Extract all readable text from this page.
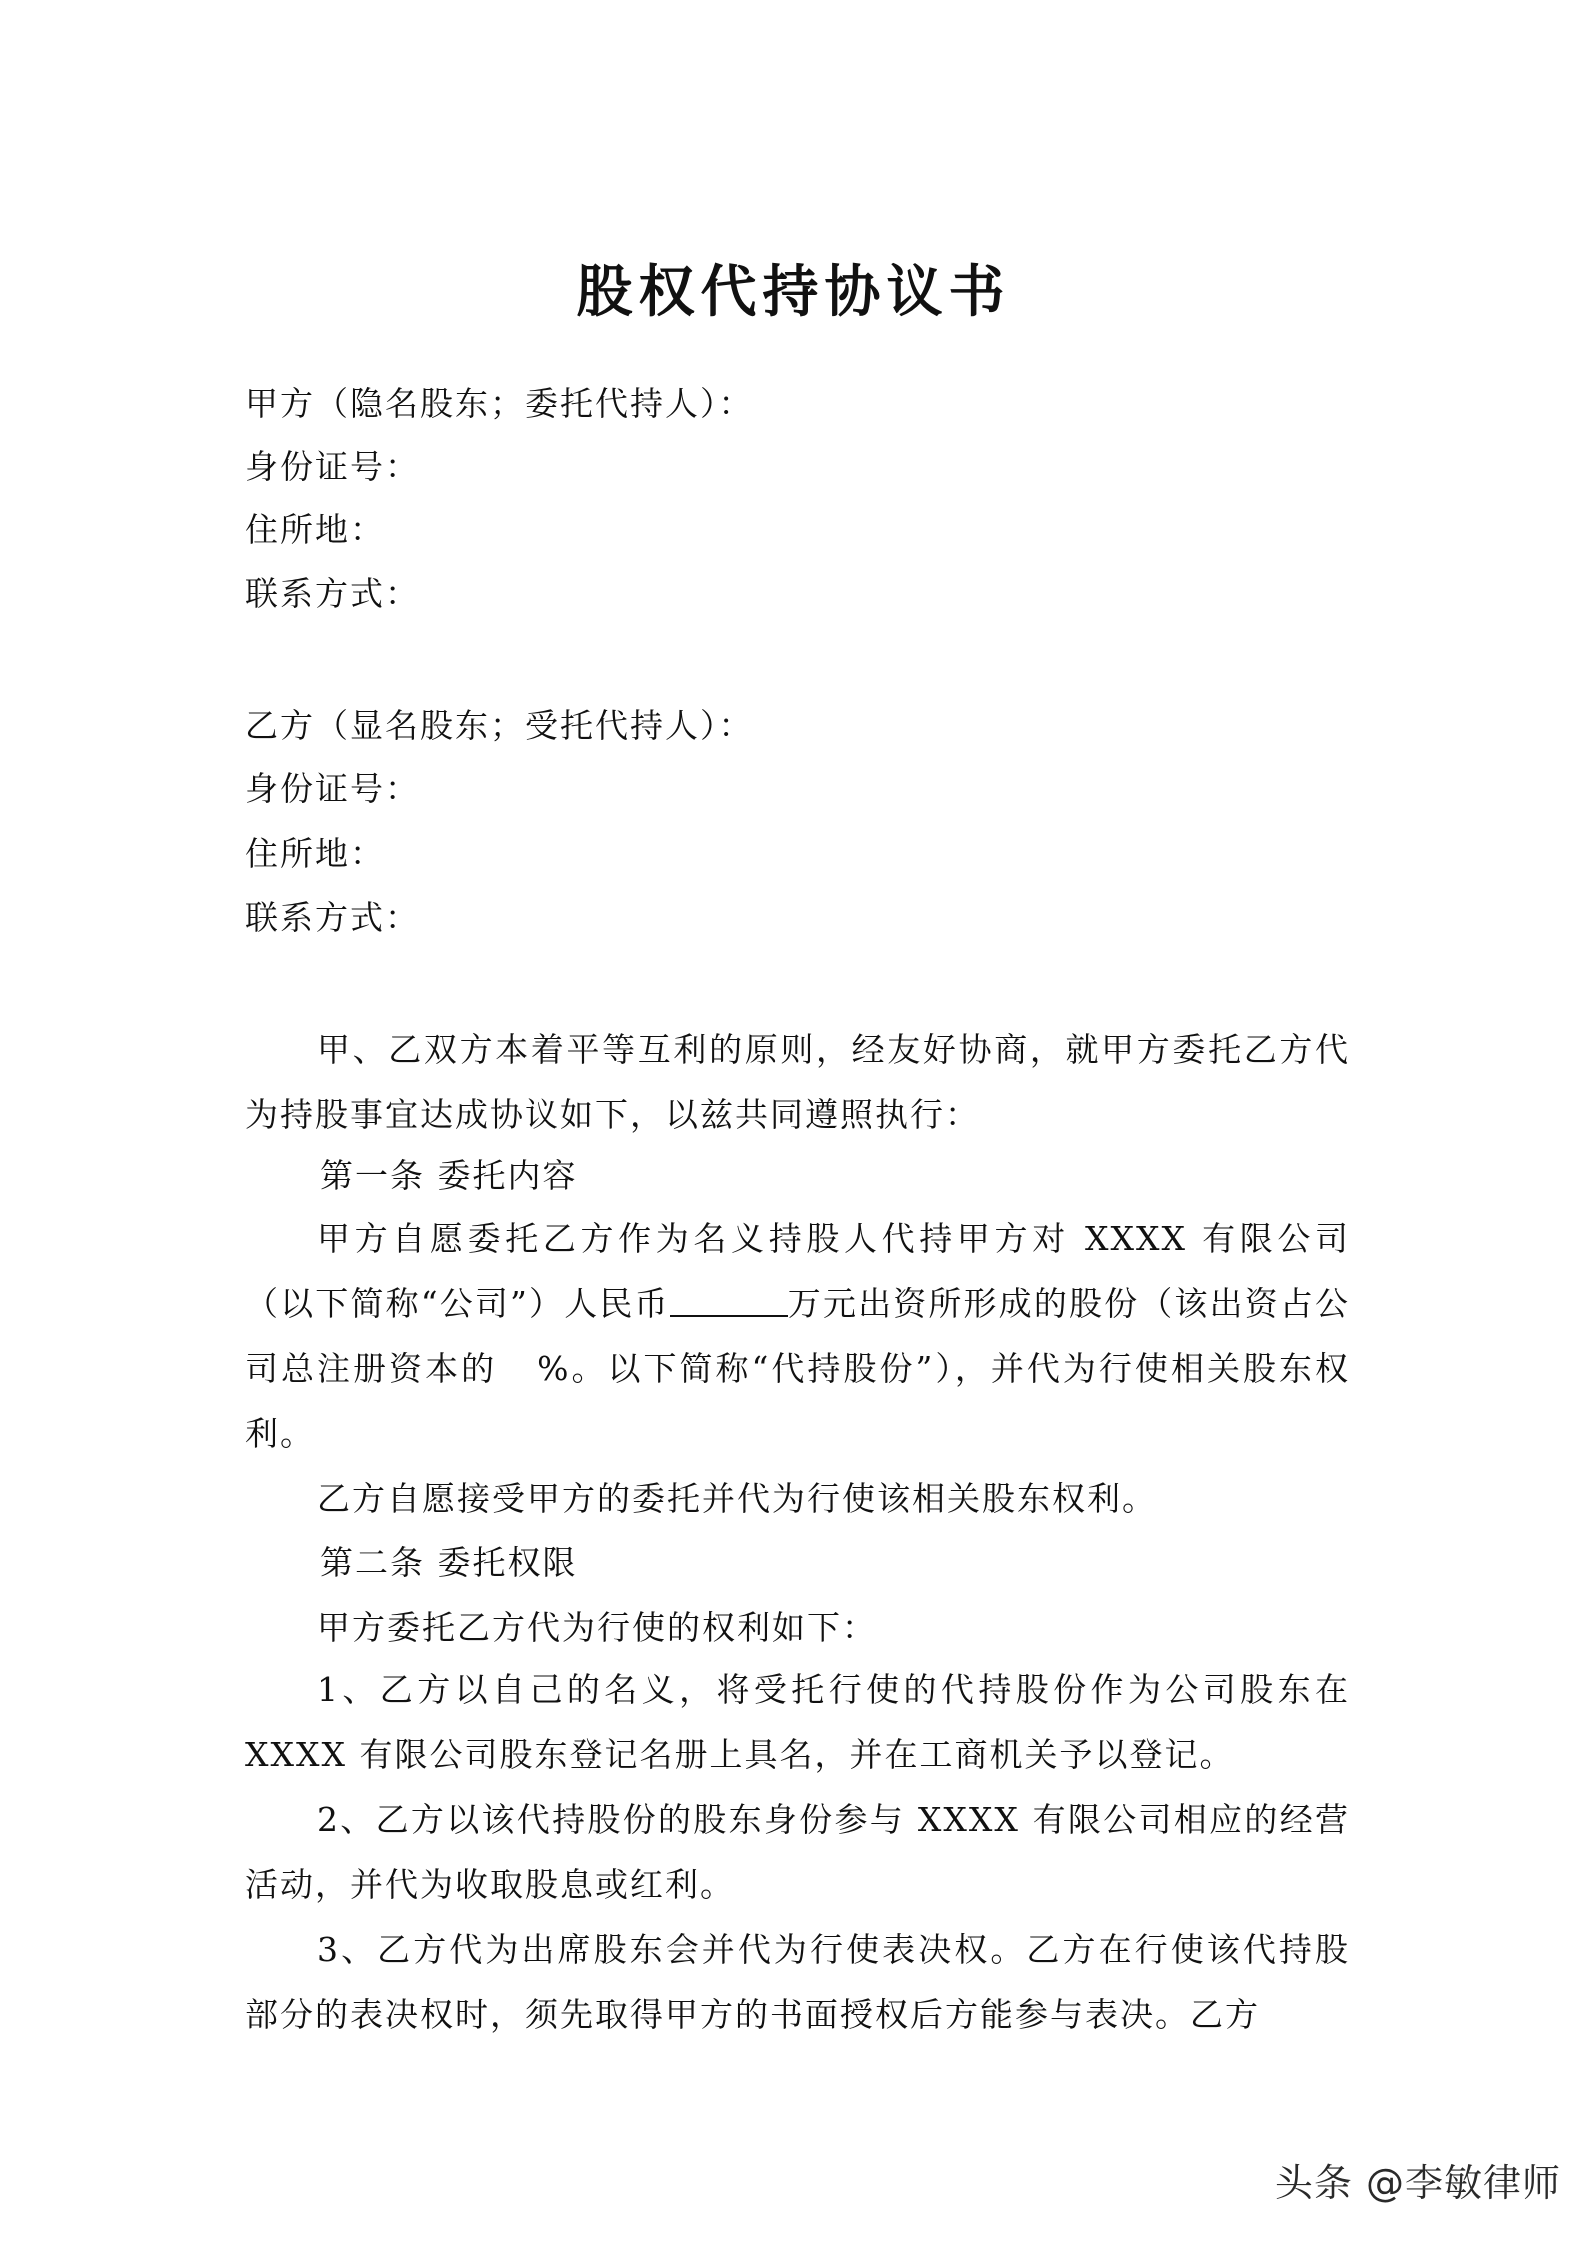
股权代持协议书
甲方（隐名股东；委托代持人）：
身份证号：
住所地：
联系方式：
乙方（显名股东；受托代持人）：
身份证号：
住所地：
联系方式：

甲、乙双方本着平等互利的原则，经友好协商，就甲方委托乙方代为持股事宜达成协议如下，以兹共同遵照执行：

第一条 委托内容

甲方自愿委托乙方作为名义持股人代持甲方对 XXXX 有限公司（以下简称“公司”）人民币	万元出资所形成的股份（该出资占公司总注册资本的 %。以下简称“代持股份”），并代为行使相关股东权利。

乙方自愿接受甲方的委托并代为行使该相关股东权利。

第二条 委托权限

甲方委托乙方代为行使的权利如下：

1、乙方以自己的名义，将受托行使的代持股份作为公司股东在 XXXX 有限公司股东登记名册上具名，并在工商机关予以登记。

2、乙方以该代持股份的股东身份参与 XXXX 有限公司相应的经营活动，并代为收取股息或红利。

3、乙方代为出席股东会并代为行使表决权。乙方在行使该代持股部分的表决权时，须先取得甲方的书面授权后方能参与表决。乙方

头条 @李敏律师
